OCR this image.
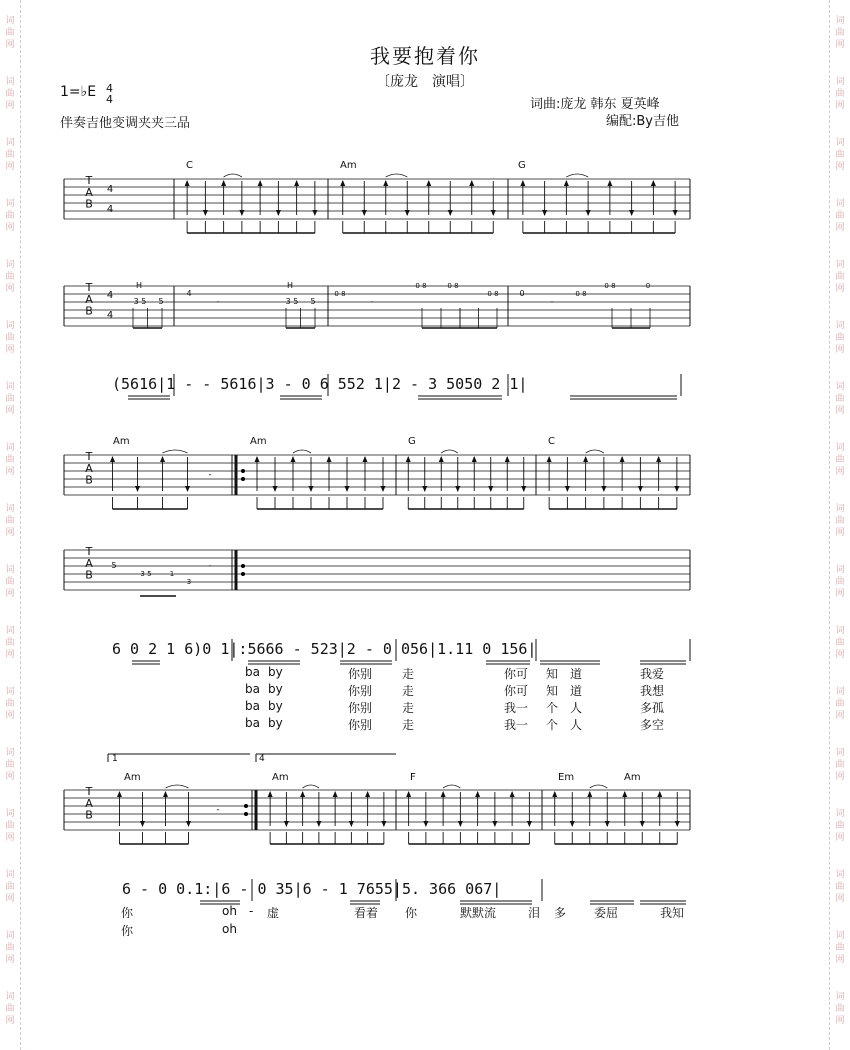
词
曲
网
词
曲
网
词
曲
网
词
曲
网
词
曲
网
词
曲
网
词
曲
网
词
曲
网
词
曲
网
词
曲
网
词
曲
网
词
曲
网
词
曲
网
词
曲
网
词
曲
网
词
曲
网
词
曲
网
词
曲
网
词
曲
网
词
曲
网
词
曲
网
词
曲
网
词
曲
网
词
曲
网
词
曲
网
词
曲
网
词
曲
网
词
曲
网
词
曲
网
词
曲
网
词
曲
网
词
曲
网
词
曲
网
词
曲
网
我要抱着你
〔庞龙　演唱〕
1=♭E 4
4
伴奏吉他变调夹夹三品
词曲:庞龙 韩东 夏英峰
编配:By吉他
T
A
B
4
4
T
A
B
4
4
4	0
H	H
3 5 5	3 5 5
0 8
0 8	0 8
0 8	0 8
0 8	0
-	-	-
T
A
B	-
T
A
B
5
3 5	1
3
-
T
A
B	-
C	Am	G
Am	Am	G	C
Am	Am	F	Em	Am
1	4
(5616|1 - - 5616|3 - 0 6 552 1|2 - 3 5050 2 1|
6 0 2 1 6)0 1|:5666 - 523|2 - 0 056|1.11 0 156|
6 - 0 0.1:|6 - 0 35|6 - 1 7655|5. 366 067|
ba by	你别 走	你可 知 道	我爱
ba by	你别 走	你可 知 道	我想
ba by	你别 走	我一 个 人	多孤
ba by	你别 走	我一 个 人	多空
你	oh - 虚	看着 你	默默流	泪 多 委屈	我知
你	oh
